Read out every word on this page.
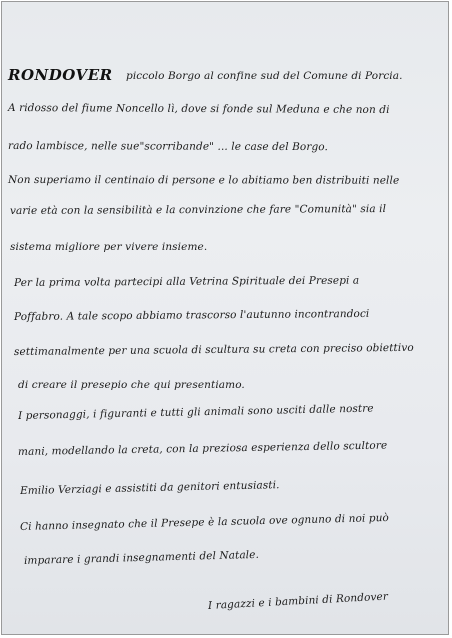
RONDOVER piccolo Borgo al confine sud del Comune di Porcia.
A ridosso del fiume Noncello lì, dove si fonde sul Meduna e che non di
rado lambisce, nelle sue"scorribande" ... le case del Borgo.
Non superiamo il centinaio di persone e lo abitiamo ben distribuiti nelle
varie età con la sensibilità e la convinzione che fare "Comunità" sia il
sistema migliore per vivere insieme.
Per la prima volta partecipi alla Vetrina Spirituale dei Presepi a
Poffabro. A tale scopo abbiamo trascorso l'autunno incontrandoci
settimanalmente per una scuola di scultura su creta con preciso obiettivo
di creare il presepio che qui presentiamo.
I personaggi, i figuranti e tutti gli animali sono usciti dalle nostre
mani, modellando la creta, con la preziosa esperienza dello scultore
Emilio Verziagi e assistiti da genitori entusiasti.
Ci hanno insegnato che il Presepe è la scuola ove ognuno di noi può
imparare i grandi insegnamenti del Natale.
I ragazzi e i bambini di Rondover
